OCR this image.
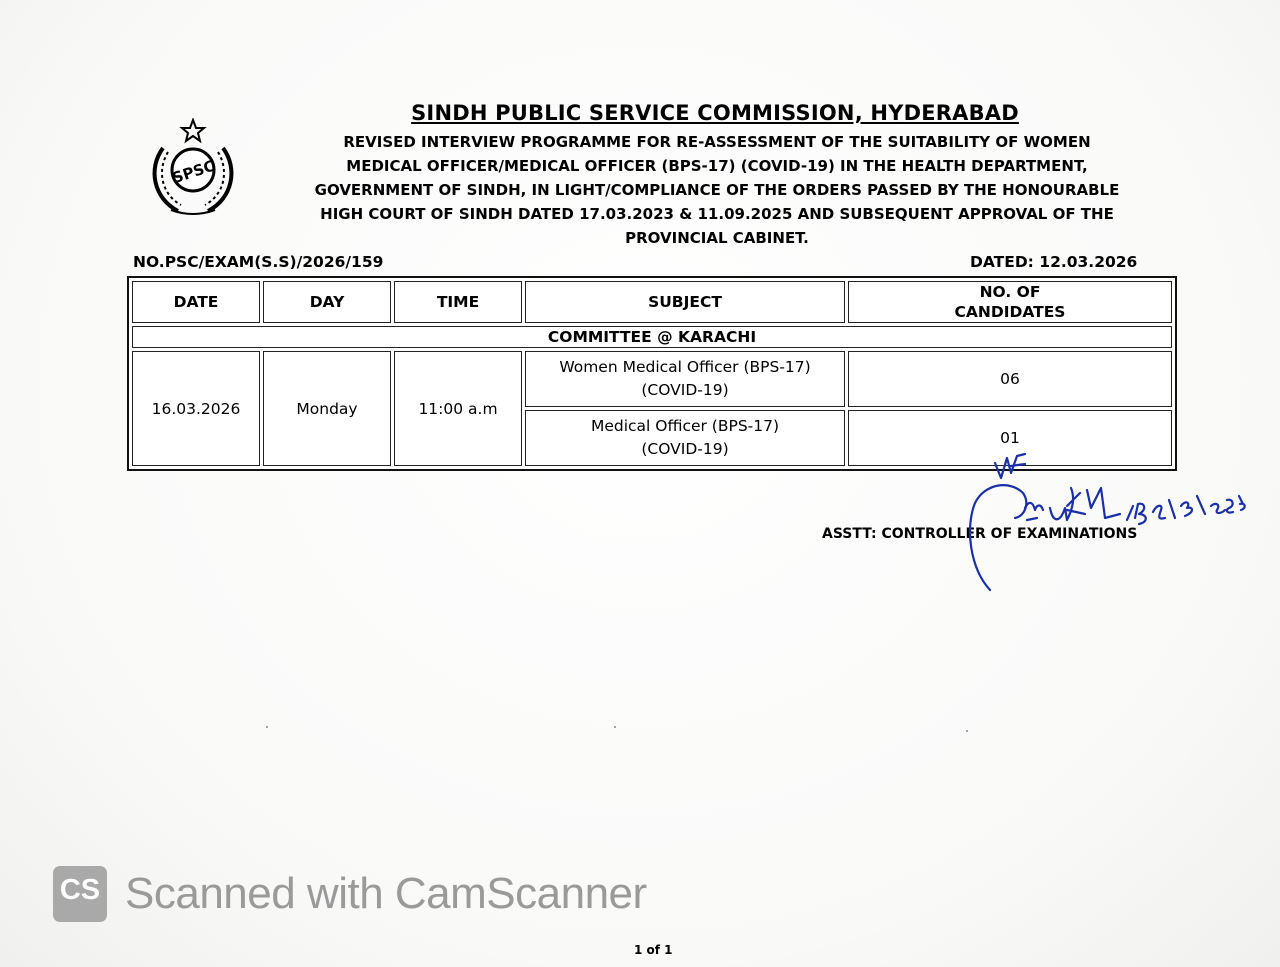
SPSC
SINDH PUBLIC SERVICE COMMISSION, HYDERABAD
REVISED INTERVIEW PROGRAMME FOR RE-ASSESSMENT OF THE SUITABILITY OF WOMEN
MEDICAL OFFICER/MEDICAL OFFICER (BPS-17) (COVID-19) IN THE HEALTH DEPARTMENT,
GOVERNMENT OF SINDH, IN LIGHT/COMPLIANCE OF THE ORDERS PASSED BY THE HONOURABLE
HIGH COURT OF SINDH DATED 17.03.2023 & 11.09.2025 AND SUBSEQUENT APPROVAL OF THE
PROVINCIAL CABINET.
NO.PSC/EXAM(S.S)/2026/159	DATED: 12.03.2026
DATE	DAY	TIME	SUBJECT	NO. OF
CANDIDATES

COMMITTEE @ KARACHI				
16.03.2026	Monday	11:00 a.m	Women Medical Officer (BPS-17)
(COVID-19)	06

			Medical Officer (BPS-17)
(COVID-19)	01
ASSTT: CONTROLLER OF EXAMINATIONS
CS Scanned with CamScanner
1 of 1
